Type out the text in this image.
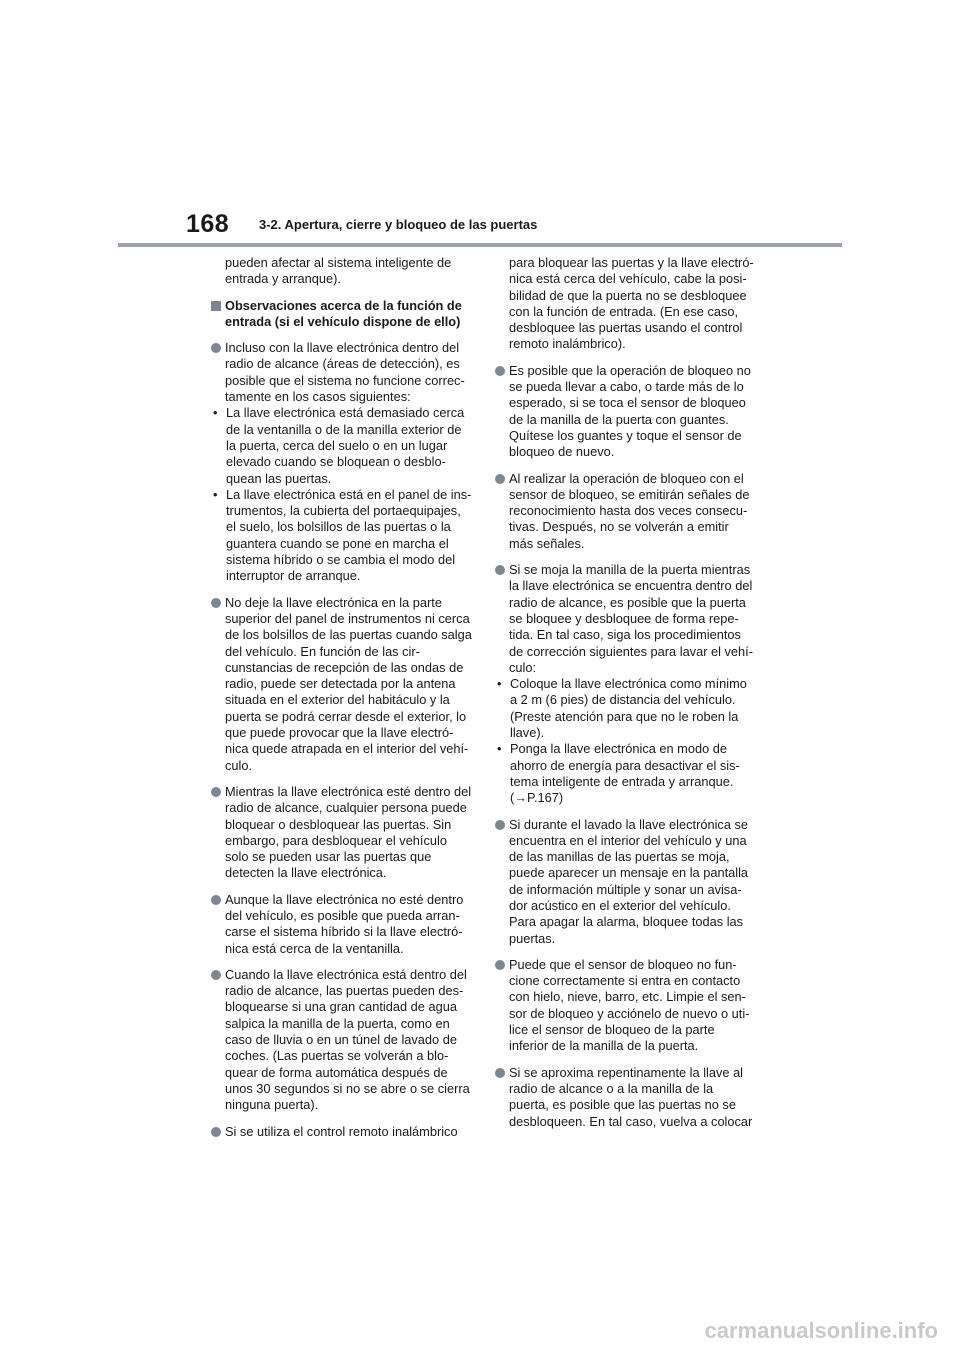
168 3-2. Apertura, cierre y bloqueo de las puertas
pueden afectar al sistema inteligente de entrada y arranque).
Observaciones acerca de la función de entrada (si el vehículo dispone de ello)
Incluso con la llave electrónica dentro del radio de alcance (áreas de detección), es posible que el sistema no funcione correc-tamente en los casos siguientes:
• La llave electrónica está demasiado cerca de la ventanilla o de la manilla exterior de la puerta, cerca del suelo o en un lugar elevado cuando se bloquean o desblo-quean las puertas.
• La llave electrónica está en el panel de ins-trumentos, la cubierta del portaequipajes, el suelo, los bolsillos de las puertas o la guantera cuando se pone en marcha el sistema híbrido o se cambia el modo del interruptor de arranque.
No deje la llave electrónica en la parte superior del panel de instrumentos ni cerca de los bolsillos de las puertas cuando salga del vehículo. En función de las cir-cunstancias de recepción de las ondas de radio, puede ser detectada por la antena situada en el exterior del habitáculo y la puerta se podrá cerrar desde el exterior, lo que puede provocar que la llave electró-nica quede atrapada en el interior del vehí-culo.
Mientras la llave electrónica esté dentro del radio de alcance, cualquier persona puede bloquear o desbloquear las puertas. Sin embargo, para desbloquear el vehículo solo se pueden usar las puertas que detecten la llave electrónica.
Aunque la llave electrónica no esté dentro del vehículo, es posible que pueda arran-carse el sistema híbrido si la llave electró-nica está cerca de la ventanilla.
Cuando la llave electrónica está dentro del radio de alcance, las puertas pueden des-bloquearse si una gran cantidad de agua salpica la manilla de la puerta, como en caso de lluvia o en un túnel de lavado de coches. (Las puertas se volverán a blo-quear de forma automática después de unos 30 segundos si no se abre o se cierra ninguna puerta).
Si se utiliza el control remoto inalámbrico
para bloquear las puertas y la llave electró-nica está cerca del vehículo, cabe la posi-bilidad de que la puerta no se desbloquee con la función de entrada. (En ese caso, desbloquee las puertas usando el control remoto inalámbrico).
Es posible que la operación de bloqueo no se pueda llevar a cabo, o tarde más de lo esperado, si se toca el sensor de bloqueo de la manilla de la puerta con guantes. Quítese los guantes y toque el sensor de bloqueo de nuevo.
Al realizar la operación de bloqueo con el sensor de bloqueo, se emitirán señales de reconocimiento hasta dos veces consecu-tivas. Después, no se volverán a emitir más señales.
Si se moja la manilla de la puerta mientras la llave electrónica se encuentra dentro del radio de alcance, es posible que la puerta se bloquee y desbloquee de forma repe-tida. En tal caso, siga los procedimientos de corrección siguientes para lavar el vehí-culo:
• Coloque la llave electrónica como mínimo a 2 m (6 pies) de distancia del vehículo. (Preste atención para que no le roben la llave).
• Ponga la llave electrónica en modo de ahorro de energía para desactivar el sis-tema inteligente de entrada y arranque. (→P.167)
Si durante el lavado la llave electrónica se encuentra en el interior del vehículo y una de las manillas de las puertas se moja, puede aparecer un mensaje en la pantalla de información múltiple y sonar un avisa-dor acústico en el exterior del vehículo. Para apagar la alarma, bloquee todas las puertas.
Puede que el sensor de bloqueo no fun-cione correctamente si entra en contacto con hielo, nieve, barro, etc. Limpie el sen-sor de bloqueo y acciónelo de nuevo o uti-lice el sensor de bloqueo de la parte inferior de la manilla de la puerta.
Si se aproxima repentinamente la llave al radio de alcance o a la manilla de la puerta, es posible que las puertas no se desbloqueen. En tal caso, vuelva a colocar
carmanualsonline.info
